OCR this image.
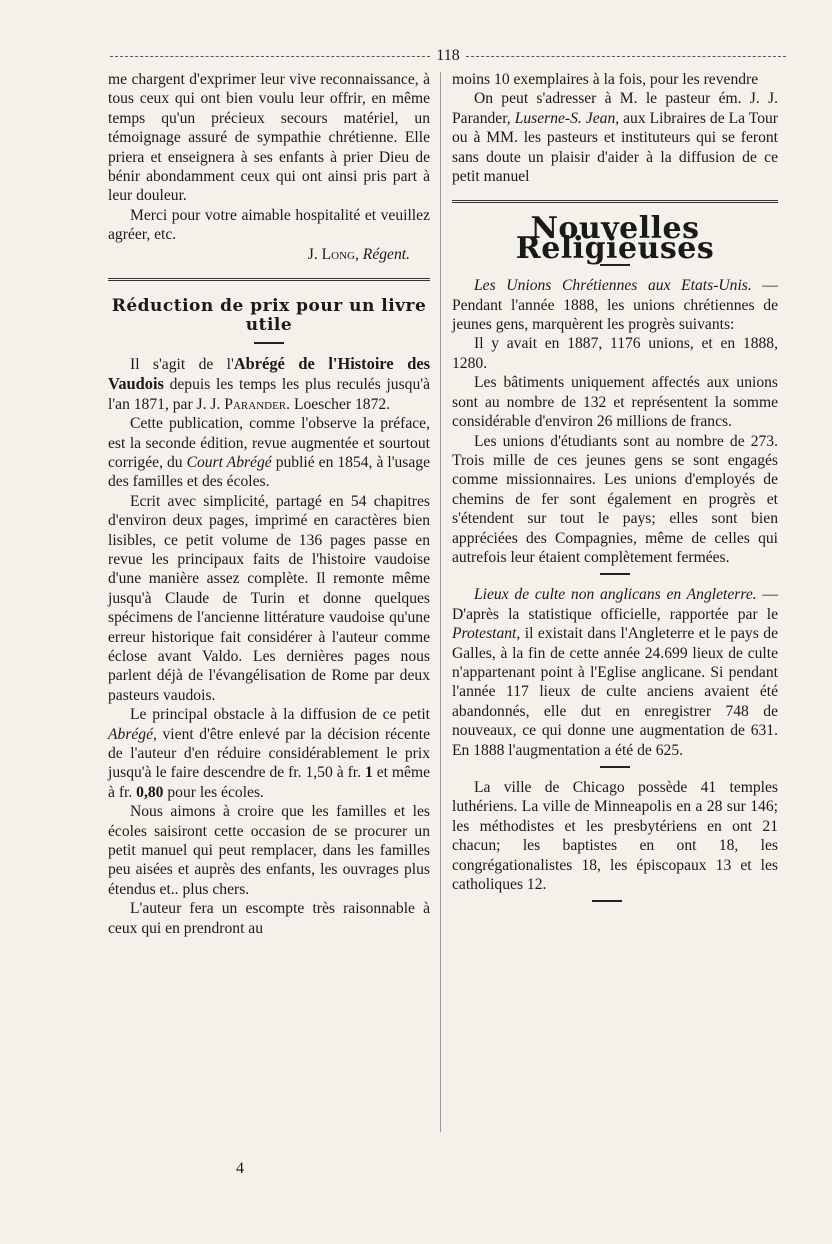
118

me chargent d'exprimer leur vive reconnaissance, à tous ceux qui ont bien voulu leur offrir, en même temps qu'un précieux secours matériel, un témoignage assuré de sympathie chrétienne. Elle priera et enseignera à ses enfants à prier Dieu de bénir abondamment ceux qui ont ainsi pris part à leur douleur.

Merci pour votre aimable hospitalité et veuillez agréer, etc.

J. Long, Régent.

Réduction de prix pour un livre utile

Il s'agit de l'Abrégé de l'Histoire des Vaudois depuis les temps les plus reculés jusqu'à l'an 1871, par J. J. Parander. Loescher 1872.

Cette publication, comme l'observe la préface, est la seconde édition, revue augmentée et sourtout corrigée, du Court Abrégé publié en 1854, à l'usage des familles et des écoles.

Ecrit avec simplicité, partagé en 54 chapitres d'environ deux pages, imprimé en caractères bien lisibles, ce petit volume de 136 pages passe en revue les principaux faits de l'histoire vaudoise d'une manière assez complète. Il remonte même jusqu'à Claude de Turin et donne quelques spécimens de l'ancienne littérature vaudoise qu'une erreur historique fait considérer à l'auteur comme éclose avant Valdo. Les dernières pages nous parlent déjà de l'évangélisation de Rome par deux pasteurs vaudois.

Le principal obstacle à la diffusion de ce petit Abrégé, vient d'être enlevé par la décision récente de l'auteur d'en réduire considérablement le prix jusqu'à le faire descendre de fr. 1,50 à fr. 1 et même à fr. 0,80 pour les écoles.

Nous aimons à croire que les familles et les écoles saisiront cette occasion de se procurer un petit manuel qui peut remplacer, dans les familles peu aisées et auprès des enfants, les ouvrages plus étendus et.. plus chers.

L'auteur fera un escompte très raisonnable à ceux qui en prendront au

moins 10 exemplaires à la fois, pour les revendre

On peut s'adresser à M. le pasteur ém. J. J. Parander, Luserne-S. Jean, aux Libraires de La Tour ou à MM. les pasteurs et instituteurs qui se feront sans doute un plaisir d'aider à la diffusion de ce petit manuel

Nouvelles Religieuses

Les Unions Chrétiennes aux Etats-Unis. — Pendant l'année 1888, les unions chrétiennes de jeunes gens, marquèrent les progrès suivants:

Il y avait en 1887, 1176 unions, et en 1888, 1280.

Les bâtiments uniquement affectés aux unions sont au nombre de 132 et représentent la somme considérable d'environ 26 millions de francs.

Les unions d'étudiants sont au nombre de 273. Trois mille de ces jeunes gens se sont engagés comme missionnaires. Les unions d'employés de chemins de fer sont également en progrès et s'étendent sur tout le pays; elles sont bien appréciées des Compagnies, même de celles qui autrefois leur étaient complètement fermées.

Lieux de culte non anglicans en Angleterre. — D'après la statistique officielle, rapportée par le Protestant, il existait dans l'Angleterre et le pays de Galles, à la fin de cette année 24.699 lieux de culte n'appartenant point à l'Eglise anglicane. Si pendant l'année 117 lieux de culte anciens avaient été abandonnés, elle dut en enregistrer 748 de nouveaux, ce qui donne une augmentation de 631. En 1888 l'augmentation a été de 625.

La ville de Chicago possède 41 temples luthériens. La ville de Minneapolis en a 28 sur 146; les méthodistes et les presbytériens en ont 21 chacun; les baptistes en ont 18, les congrégationalistes 18, les épiscopaux 13 et les catholiques 12.

4
